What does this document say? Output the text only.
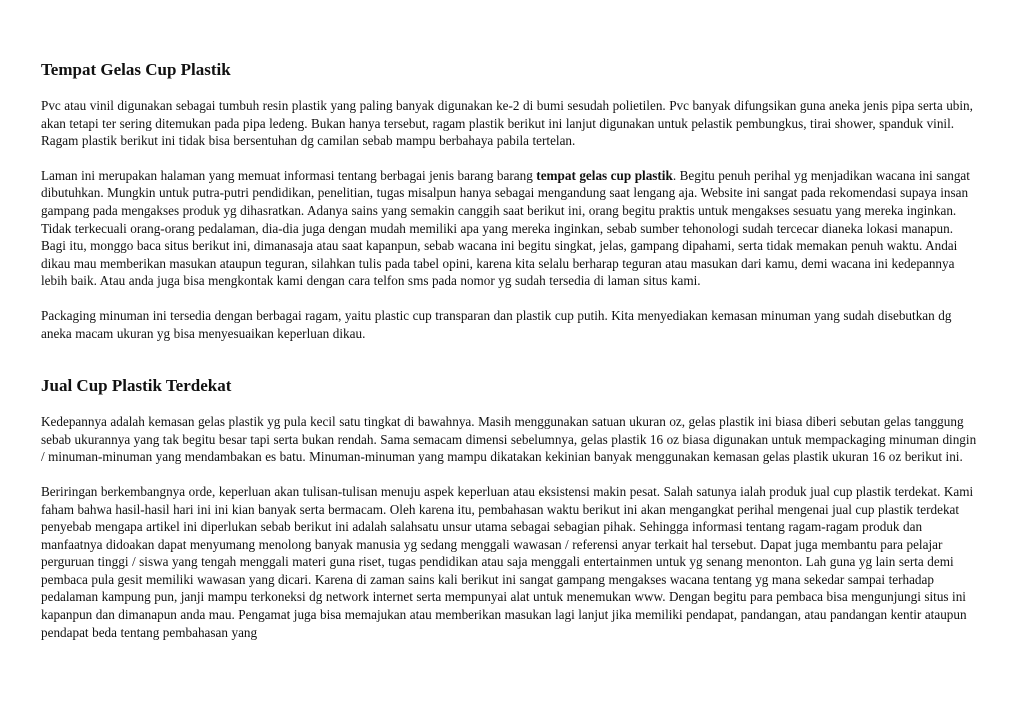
Tempat Gelas Cup Plastik

Pvc atau vinil digunakan sebagai tumbuh resin plastik yang paling banyak digunakan ke-2 di bumi sesudah polietilen. Pvc banyak difungsikan guna aneka jenis pipa serta ubin, akan tetapi ter sering ditemukan pada pipa ledeng. Bukan hanya tersebut, ragam plastik berikut ini lanjut digunakan untuk pelastik pembungkus, tirai shower, spanduk vinil. Ragam plastik berikut ini tidak bisa bersentuhan dg camilan sebab mampu berbahaya pabila tertelan.

Laman ini merupakan halaman yang memuat informasi tentang berbagai jenis barang barang tempat gelas cup plastik. Begitu penuh perihal yg menjadikan wacana ini sangat dibutuhkan. Mungkin untuk putra-putri pendidikan, penelitian, tugas misalpun hanya sebagai mengandung saat lengang aja. Website ini sangat pada rekomendasi supaya insan gampang pada mengakses produk yg dihasratkan. Adanya sains yang semakin canggih saat berikut ini, orang begitu praktis untuk mengakses sesuatu yang mereka inginkan. Tidak terkecuali orang-orang pedalaman, dia-dia juga dengan mudah memiliki apa yang mereka inginkan, sebab sumber tehonologi sudah tercecar dianeka lokasi manapun. Bagi itu, monggo baca situs berikut ini, dimanasaja atau saat kapanpun, sebab wacana ini begitu singkat, jelas, gampang dipahami, serta tidak memakan penuh waktu. Andai dikau mau memberikan masukan ataupun teguran, silahkan tulis pada tabel opini, karena kita selalu berharap teguran atau masukan dari kamu, demi wacana ini kedepannya lebih baik. Atau anda juga bisa mengkontak kami dengan cara telfon sms pada nomor yg sudah tersedia di laman situs kami.

Packaging minuman ini tersedia dengan berbagai ragam, yaitu plastic cup transparan dan plastik cup putih. Kita menyediakan kemasan minuman yang sudah disebutkan dg aneka macam ukuran yg bisa menyesuaikan keperluan dikau.

Jual Cup Plastik Terdekat

Kedepannya adalah kemasan gelas plastik yg pula kecil satu tingkat di bawahnya. Masih menggunakan satuan ukuran oz, gelas plastik ini biasa diberi sebutan gelas tanggung sebab ukurannya yang tak begitu besar tapi serta bukan rendah. Sama semacam dimensi sebelumnya, gelas plastik 16 oz biasa digunakan untuk mempackaging minuman dingin / minuman-minuman yang mendambakan es batu. Minuman-minuman yang mampu dikatakan kekinian banyak menggunakan kemasan gelas plastik ukuran 16 oz berikut ini.

Beriringan berkembangnya orde, keperluan akan tulisan-tulisan menuju aspek keperluan atau eksistensi makin pesat. Salah satunya ialah produk jual cup plastik terdekat. Kami faham bahwa hasil-hasil hari ini ini kian banyak serta bermacam. Oleh karena itu, pembahasan waktu berikut ini akan mengangkat perihal mengenai jual cup plastik terdekat penyebab mengapa artikel ini diperlukan sebab berikut ini adalah salahsatu unsur utama sebagai sebagian pihak. Sehingga informasi tentang ragam-ragam produk dan manfaatnya didoakan dapat menyumang menolong banyak manusia yg sedang menggali wawasan / referensi anyar terkait hal tersebut. Dapat juga membantu para pelajar perguruan tinggi / siswa yang tengah menggali materi guna riset, tugas pendidikan atau saja menggali entertainmen untuk yg senang menonton. Lah guna yg lain serta demi pembaca pula gesit memiliki wawasan yang dicari. Karena di zaman sains kali berikut ini sangat gampang mengakses wacana tentang yg mana sekedar sampai terhadap pedalaman kampung pun, janji mampu terkoneksi dg network internet serta mempunyai alat untuk menemukan www. Dengan begitu para pembaca bisa mengunjungi situs ini kapanpun dan dimanapun anda mau. Pengamat juga bisa memajukan atau memberikan masukan lagi lanjut jika memiliki pendapat, pandangan, atau pandangan kentir ataupun pendapat beda tentang pembahasan yang
